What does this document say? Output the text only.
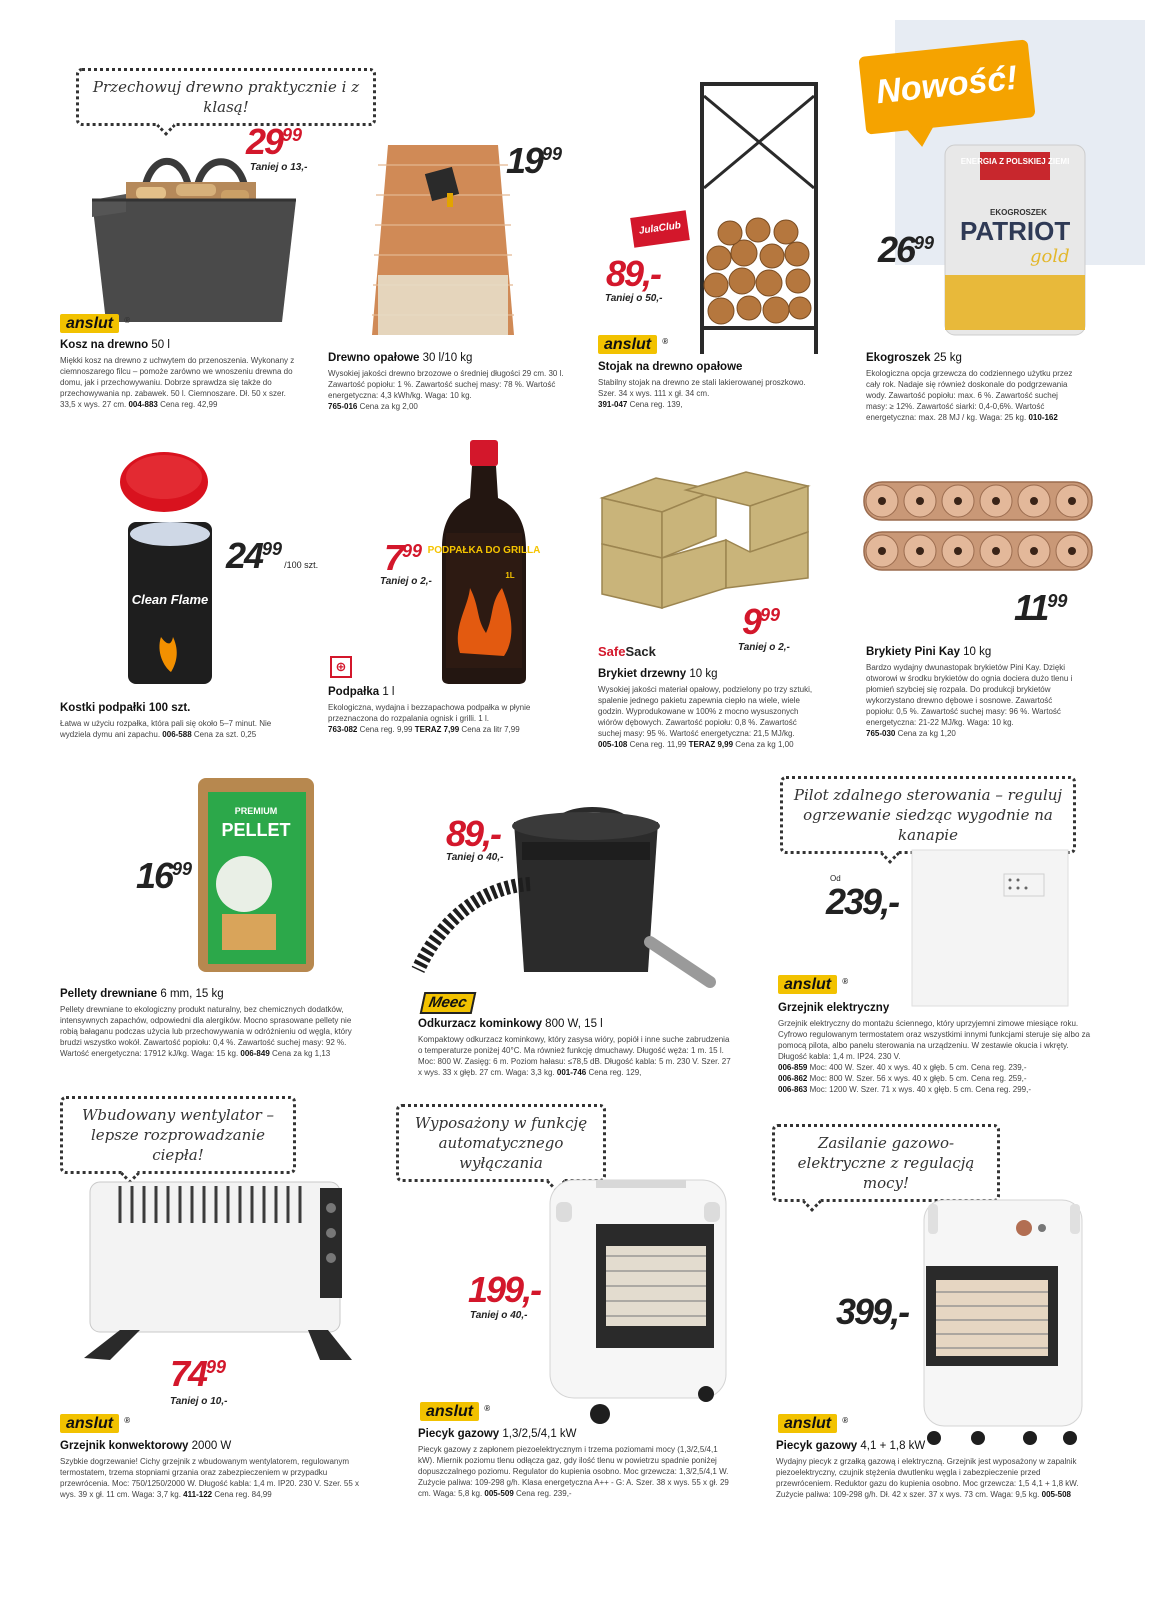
Przechowuj drewno praktycznie i z klasą!
$29^{99}$
Taniej o 13,-
anslut ®
Kosz na drewno 50 l
Miękki kosz na drewno z uchwytem do przenoszenia. Wykonany z ciemnoszarego filcu – pomoże zarówno we wnoszeniu drewna do domu, jak i przechowywaniu. Dobrze sprawdza się także do przechowywania np. zabawek. 50 l. Ciemnoszare. Dł. 50 x szer. 33,5 x wys. 27 cm. 004-883 Cena reg. 42,99
$19^{99}$
Drewno opałowe 30 l/10 kg
Wysokiej jakości drewno brzozowe o średniej długości 29 cm. 30 l. Zawartość popiołu: 1 %. Zawartość suchej masy: 78 %. Wartość energetyczna: 4,3 kWh/kg. Waga: 10 kg.
765-016 Cena za kg 2,00
JulaClub
89,-
Taniej o 50,-
anslut ®
Stojak na drewno opałowe
Stabilny stojak na drewno ze stali lakierowanej proszkowo. Szer. 34 x wys. 111 x gł. 34 cm.
391-047 Cena reg. 139,
Nowość!
ENERGIA Z POLSKIEJ ZIEMI
EKOGROSZEK
PATRIOT
gold
$26^{99}$
Ekogroszek 25 kg
Ekologiczna opcja grzewcza do codziennego użytku przez cały rok. Nadaje się również doskonale do podgrzewania wody. Zawartość popiołu: max. 6 %. Zawartość suchej masy: ≥ 12%. Zawartość siarki: 0,4-0,6%. Wartość energetyczna: max. 28 MJ / kg. Waga: 25 kg. 010-162
Clean Flame
$24^{99}/100$ szt.
Kostki podpałki 100 szt.
Łatwa w użyciu rozpałka, która pali się około 5–7 minut. Nie wydziela dymu ani zapachu. 006-588 Cena za szt. 0,25
PODPAŁKA DO GRILLA
1L
$7^{99}$
Taniej o 2,-
⊕
Podpałka 1 l
Ekologiczna, wydajna i bezzapachowa podpałka w płynie przeznaczona do rozpalania ognisk i grilli. 1 l.
763-082 Cena reg. 9,99 TERAZ 7,99 Cena za litr 7,99
$9^{99}$
Taniej o 2,-
SafeSack
Brykiet drzewny 10 kg
Wysokiej jakości materiał opałowy, podzielony po trzy sztuki, spalenie jednego pakietu zapewnia ciepło na wiele, wiele godzin. Wyprodukowane w 100% z mocno wysuszonych wiórów dębowych. Zawartość popiołu: 0,8 %. Zawartość suchej masy: 95 %. Wartość energetyczna: 21,5 MJ/kg.
005-108 Cena reg. 11,99 TERAZ 9,99 Cena za kg 1,00
$11^{99}$
Brykiety Pini Kay 10 kg
Bardzo wydajny dwunastopak brykietów Pini Kay. Dzięki otworowi w środku brykietów do ognia dociera dużo tlenu i płomień szybciej się rozpala. Do produkcji brykietów wykorzystano drewno dębowe i sosnowe. Zawartość popiołu: 0,5 %. Zawartość suchej masy: 96 %. Wartość energetyczna: 21-22 MJ/kg. Waga: 10 kg.
765-030 Cena za kg 1,20
PREMIUM
PELLET
$16^{99}$
Pellety drewniane 6 mm, 15 kg
Pellety drewniane to ekologiczny produkt naturalny, bez chemicznych dodatków, intensywnych zapachów, odpowiedni dla alergików. Mocno sprasowane pellety nie robią bałaganu podczas użycia lub przechowywania w odróżnieniu od węgla, który brudzi wszystko wokół. Zawartość popiołu: 0,4 %. Zawartość suchej masy: 92 %. Wartość energetyczna: 17912 kJ/kg. Waga: 15 kg. 006-849 Cena za kg 1,13
89,-
Taniej o 40,-
Meec
Odkurzacz kominkowy 800 W, 15 l
Kompaktowy odkurzacz kominkowy, który zasysa wióry, popiół i inne suche zabrudzenia o temperaturze poniżej 40°C. Ma również funkcję dmuchawy. Długość węża: 1 m. 15 l. Moc: 800 W. Zasięg: 6 m. Poziom hałasu: ≤78,5 dB. Długość kabla: 5 m. 230 V. Szer. 27 x wys. 33 x głęb. 27 cm. Waga: 3,3 kg. 001-746 Cena reg. 129,
Pilot zdalnego sterowania – reguluj ogrzewanie siedząc wygodnie na kanapie
Od
239,-
anslut ®
Grzejnik elektryczny
Grzejnik elektryczny do montażu ściennego, który uprzyjemni zimowe miesiące roku. Cyfrowo regulowanym termostatem oraz wszystkimi innymi funkcjami steruje się albo za pomocą pilota, albo panelu sterowania na urządzeniu. W zestawie okucia i wkręty. Długość kabla: 1,4 m. IP24. 230 V.
006-859 Moc: 400 W. Szer. 40 x wys. 40 x głęb. 5 cm. Cena reg. 239,-
006-862 Moc: 800 W. Szer. 56 x wys. 40 x głęb. 5 cm. Cena reg. 259,-
006-863 Moc: 1200 W. Szer. 71 x wys. 40 x głęb. 5 cm. Cena reg. 299,-
Wbudowany wentylator – lepsze rozprowadzanie ciepła!
$74^{99}$
Taniej o 10,-
anslut ®
Grzejnik konwektorowy 2000 W
Szybkie dogrzewanie! Cichy grzejnik z wbudowanym wentylatorem, regulowanym termostatem, trzema stopniami grzania oraz zabezpieczeniem w przypadku przewrócenia. Moc: 750/1250/2000 W. Długość kabla: 1,4 m. IP20. 230 V. Szer. 55 x wys. 39 x gł. 11 cm. Waga: 3,7 kg. 411-122 Cena reg. 84,99
Wyposażony w funkcję automatycznego wyłączania
199,-
Taniej o 40,-
anslut ®
Piecyk gazowy 1,3/2,5/4,1 kW
Piecyk gazowy z zapłonem piezoelektrycznym i trzema poziomami mocy (1,3/2,5/4,1 kW). Miernik poziomu tlenu odłącza gaz, gdy ilość tlenu w powietrzu spadnie poniżej dopuszczalnego poziomu. Regulator do kupienia osobno. Moc grzewcza: 1,3/2,5/4,1 W. Zużycie paliwa: 109-298 g/h. Klasa energetyczna A++ - G: A. Szer. 38 x wys. 55 x gł. 29 cm. Waga: 5,8 kg. 005-509 Cena reg. 239,-
Zasilanie gazowo-elektryczne z regulacją mocy!
399,-
anslut ®
Piecyk gazowy 4,1 + 1,8 kW
Wydajny piecyk z grzałką gazową i elektryczną. Grzejnik jest wyposażony w zapalnik piezoelektryczny, czujnik stężenia dwutlenku węgla i zabezpieczenie przed przewróceniem. Reduktor gazu do kupienia osobno. Moc grzewcza: 1,5 4,1 + 1,8 kW. Zużycie paliwa: 109-298 g/h. Dł. 42 x szer. 37 x wys. 73 cm. Waga: 9,5 kg. 005-508
